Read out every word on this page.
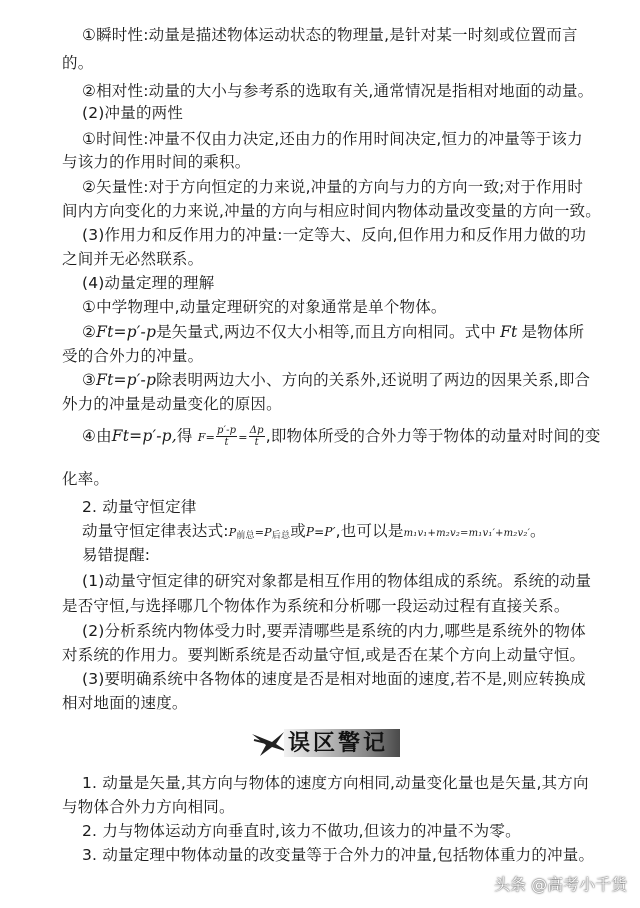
①瞬时性:动量是描述物体运动状态的物理量,是针对某一时刻或位置而言
的。
②相对性:动量的大小与参考系的选取有关,通常情况是指相对地面的动量。
(2)冲量的两性
①时间性:冲量不仅由力决定,还由力的作用时间决定,恒力的冲量等于该力
与该力的作用时间的乘积。
②矢量性:对于方向恒定的力来说,冲量的方向与力的方向一致;对于作用时
间内方向变化的力来说,冲量的方向与相应时间内物体动量改变量的方向一致。
(3)作用力和反作用力的冲量:一定等大、反向,但作用力和反作用力做的功
之间并无必然联系。
(4)动量定理的理解
①中学物理中,动量定理研究的对象通常是单个物体。
②Ft=p′-p是矢量式,两边不仅大小相等,而且方向相同。式中 Ft 是物体所
受的合外力的冲量。
③Ft=p′-p除表明两边大小、方向的关系外,还说明了两边的因果关系,即合
外力的冲量是动量变化的原因。
④由Ft=p′-p,得 $F= \frac{p'-p}{t} = \frac{\Delta p}{t}$ ,即物体所受的合外力等于物体的动量对时间的变
化率。
2. 动量守恒定律
动量守恒定律表达式$:P_{前总}=P_{后总}$或P=P′,也可以是m₁v₁+m₂v₂=m₁v₁′+m₂v₂′。
易错提醒:
(1)动量守恒定律的研究对象都是相互作用的物体组成的系统。系统的动量
是否守恒,与选择哪几个物体作为系统和分析哪一段运动过程有直接关系。
(2)分析系统内物体受力时,要弄清哪些是系统的内力,哪些是系统外的物体
对系统的作用力。要判断系统是否动量守恒,或是否在某个方向上动量守恒。
(3)要明确系统中各物体的速度是否是相对地面的速度,若不是,则应转换成
相对地面的速度。
误区警记
1. 动量是矢量,其方向与物体的速度方向相同,动量变化量也是矢量,其方向
与物体合外力方向相同。
2. 力与物体运动方向垂直时,该力不做功,但该力的冲量不为零。
3. 动量定理中物体动量的改变量等于合外力的冲量,包括物体重力的冲量。
头条 @高考小千货
